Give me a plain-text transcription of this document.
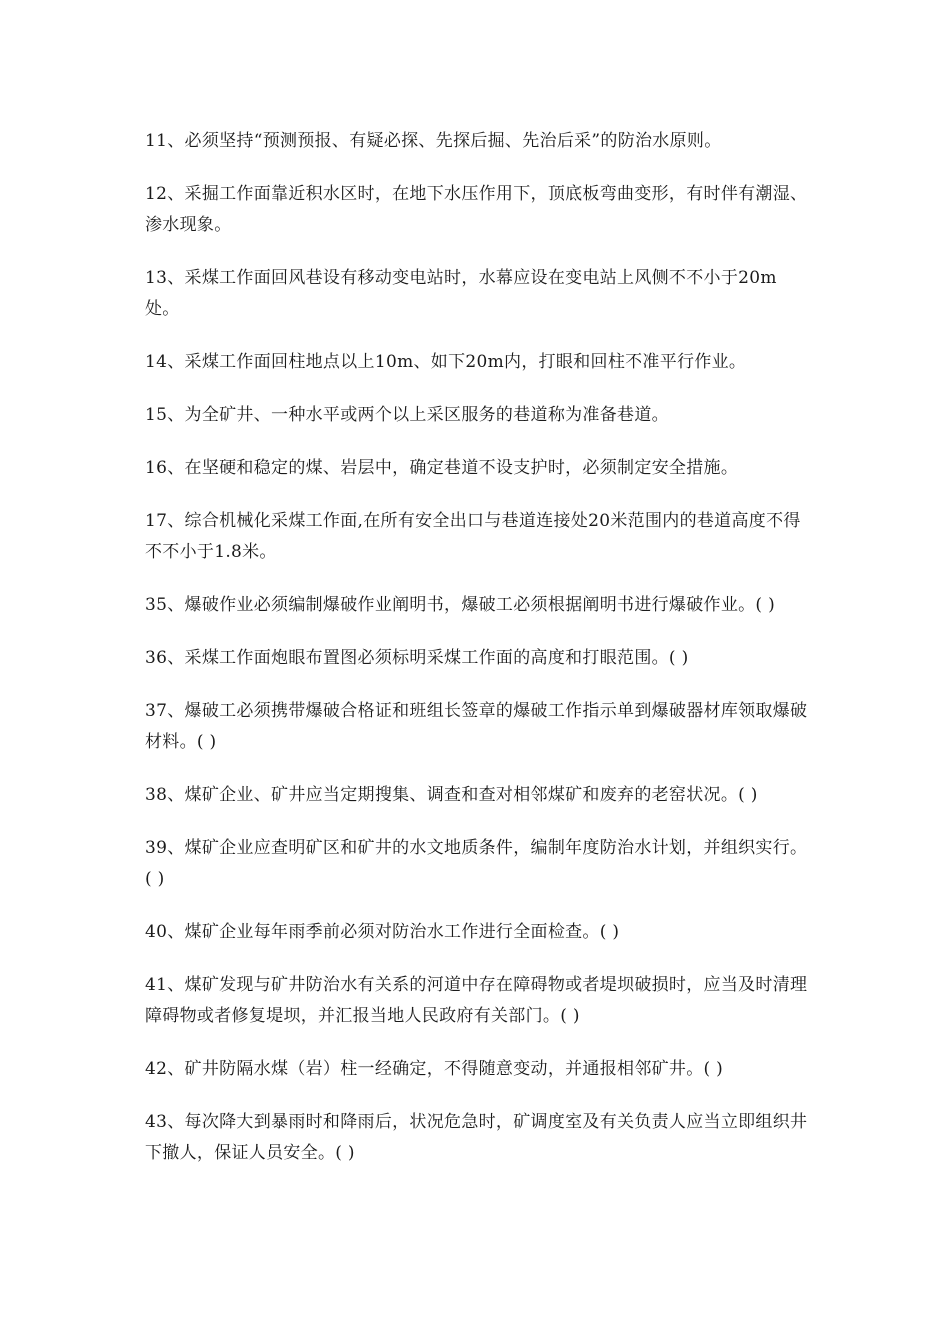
11、必须坚持“预测预报、有疑必探、先探后掘、先治后采”的防治水原则。

12、采掘工作面靠近积水区时，在地下水压作用下，顶底板弯曲变形，有时伴有潮湿、渗水现象。

13、采煤工作面回风巷设有移动变电站时，水幕应设在变电站上风侧不不小于20m处。

14、采煤工作面回柱地点以上10m、如下20m内，打眼和回柱不准平行作业。

15、为全矿井、一种水平或两个以上采区服务的巷道称为准备巷道。

16、在坚硬和稳定的煤、岩层中，确定巷道不设支护时，必须制定安全措施。

17、综合机械化采煤工作面,在所有安全出口与巷道连接处20米范围内的巷道高度不得不不小于1.8米。

35、爆破作业必须编制爆破作业阐明书，爆破工必须根据阐明书进行爆破作业。( )

36、采煤工作面炮眼布置图必须标明采煤工作面的高度和打眼范围。( )

37、爆破工必须携带爆破合格证和班组长签章的爆破工作指示单到爆破器材库领取爆破材料。( )

38、煤矿企业、矿井应当定期搜集、调查和查对相邻煤矿和废弃的老窑状况。( )

39、煤矿企业应查明矿区和矿井的水文地质条件，编制年度防治水计划，并组织实行。( )

40、煤矿企业每年雨季前必须对防治水工作进行全面检查。( )

41、煤矿发现与矿井防治水有关系的河道中存在障碍物或者堤坝破损时，应当及时清理障碍物或者修复堤坝，并汇报当地人民政府有关部门。( )

42、矿井防隔水煤（岩）柱一经确定，不得随意变动，并通报相邻矿井。( )

43、每次降大到暴雨时和降雨后，状况危急时，矿调度室及有关负责人应当立即组织井下撤人，保证人员安全。( )
